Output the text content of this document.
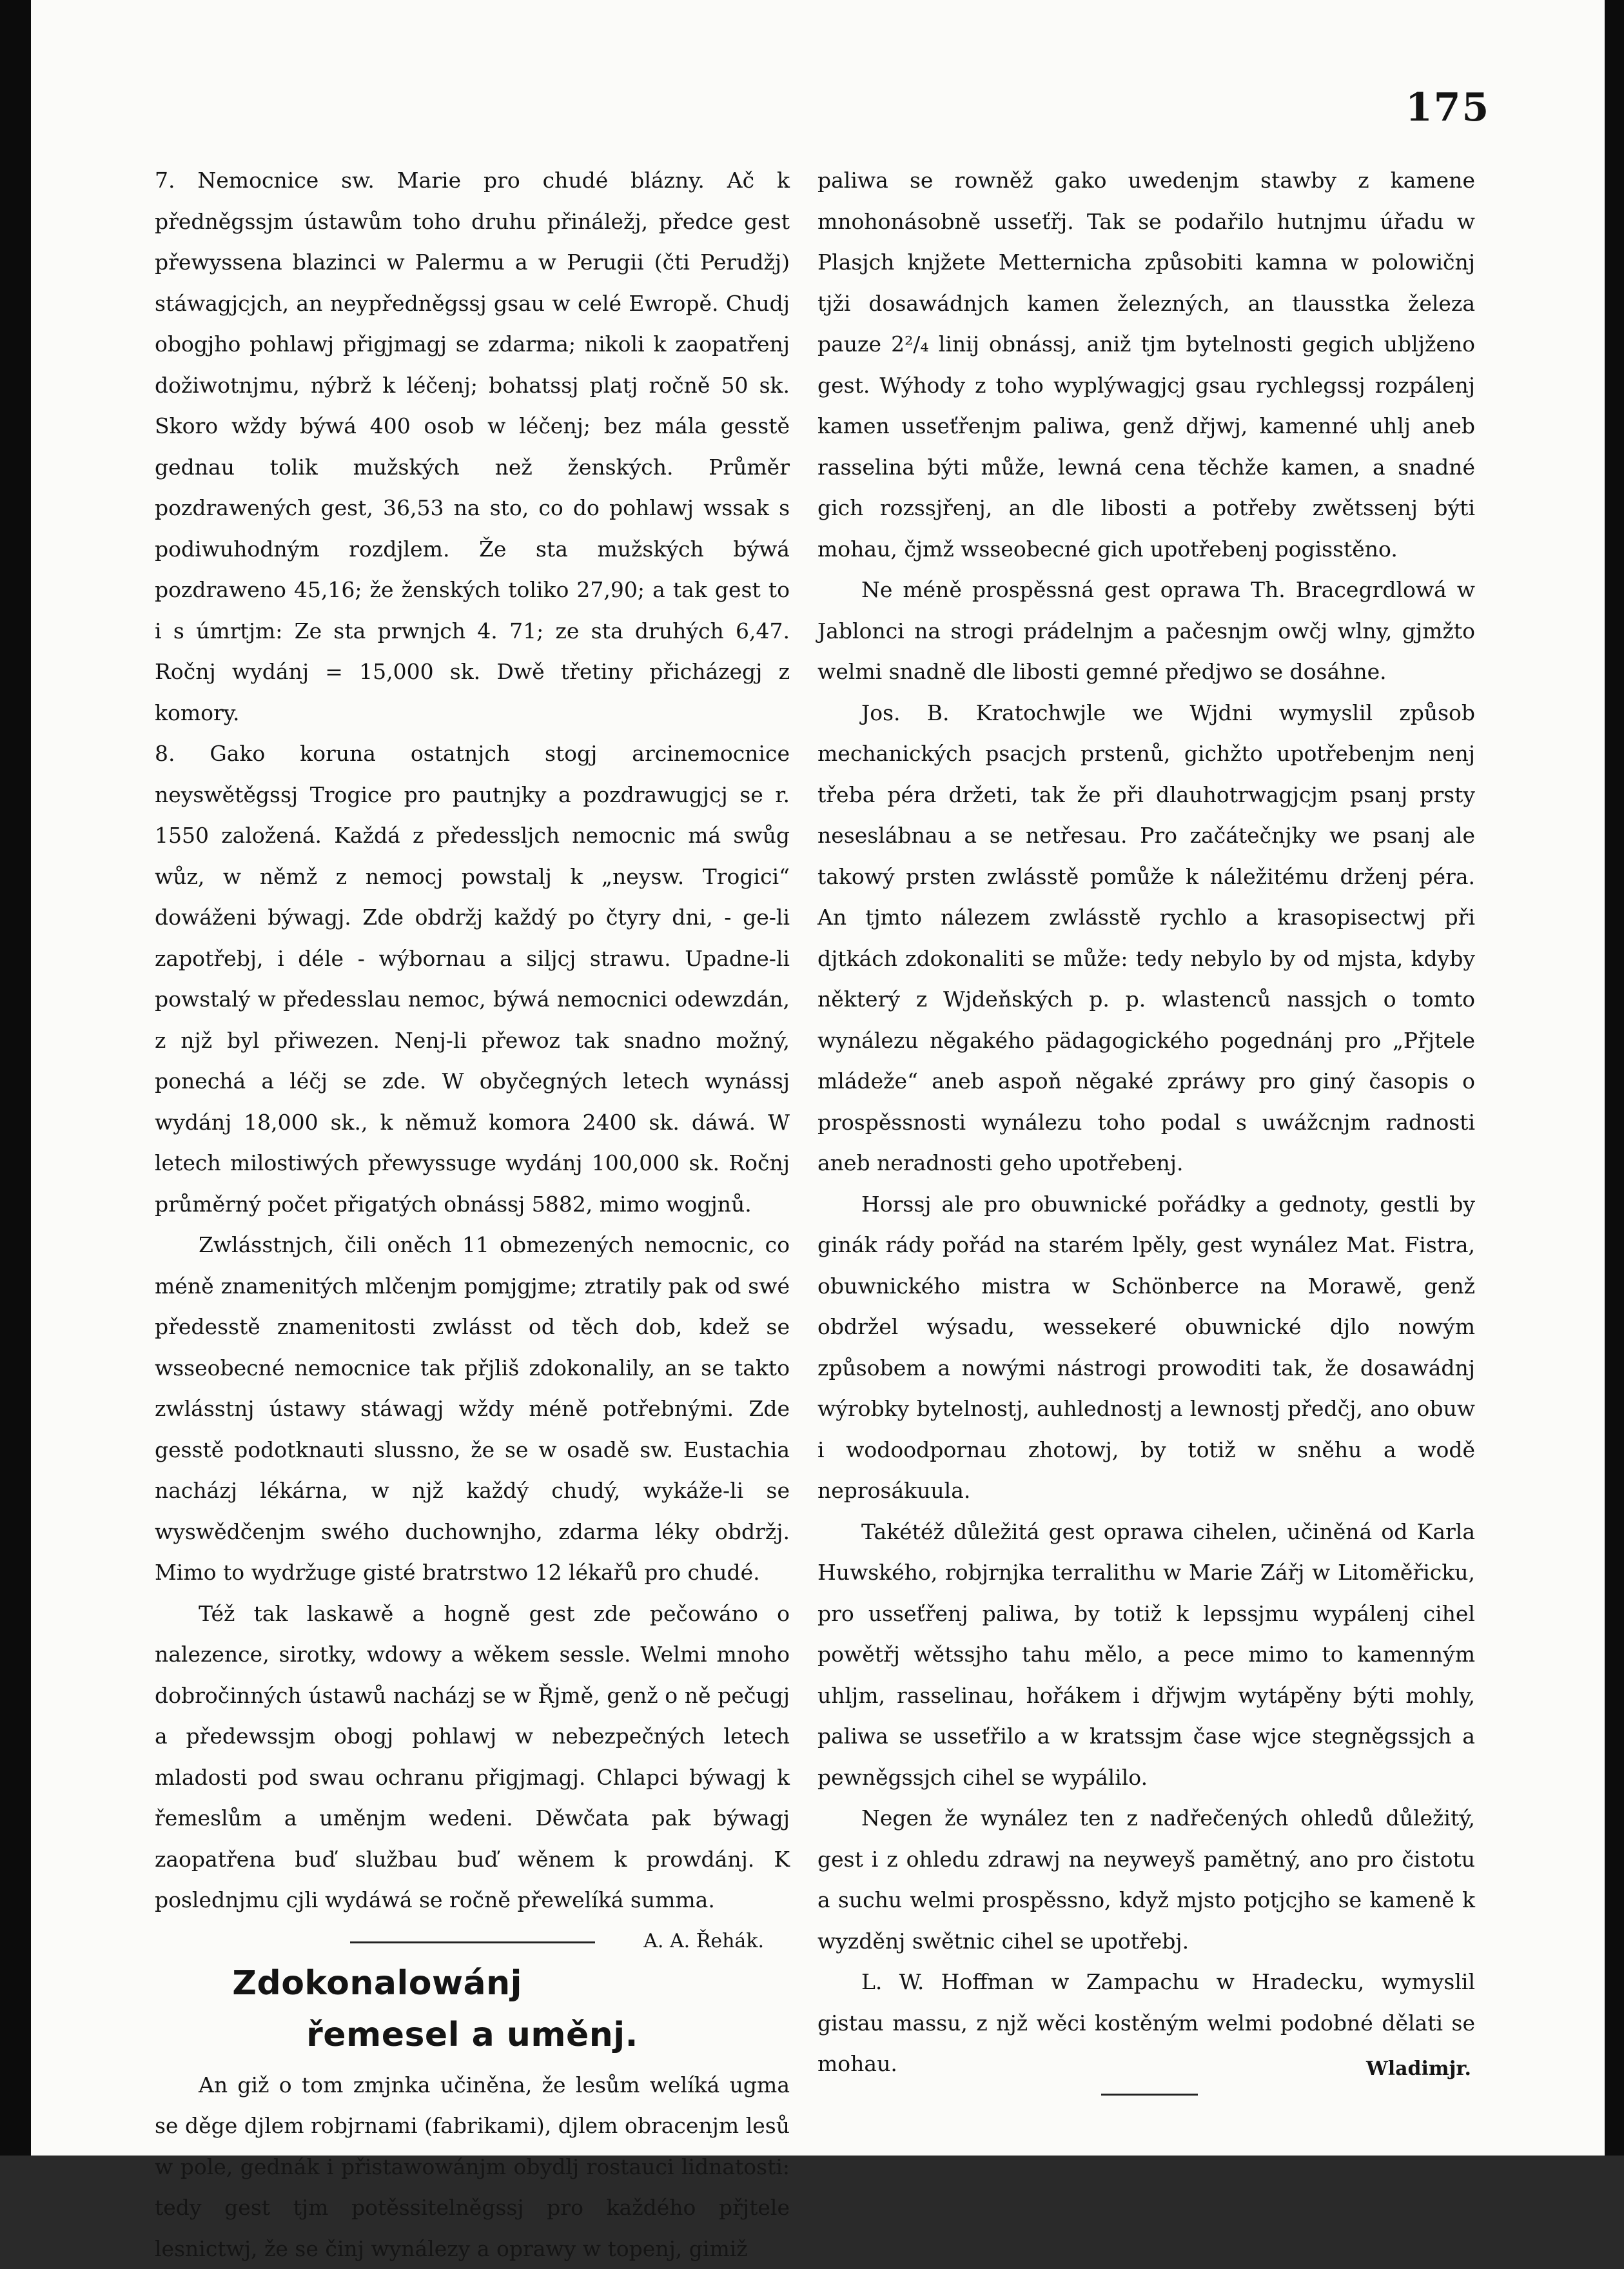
175

7. Nemocnice sw. Marie pro chudé blázny. Ač k předněgssjm ústawům toho druhu přináležj, předce gest přewyssena blazinci w Palermu a w Perugii (čti Perudžj) stáwagjcjch, an neypředněgssj gsau w celé Ewropě. Chudj obogjho pohlawj přigjmagj se zdarma; nikoli k zaopatřenj dožiwotnjmu, nýbrž k léčenj; bohatssj platj ročně 50 sk. Skoro wždy býwá 400 osob w léčenj; bez mála gesstě gednau tolik mužských než ženských. Průměr pozdrawených gest, 36,53 na sto, co do pohlawj wssak s podiwuhodným rozdjlem. Že sta mužských býwá pozdraweno 45,16; že ženských toliko 27,90; a tak gest to i s úmrtjm: Ze sta prwnjch 4. 71; ze sta druhých 6,47. Ročnj wydánj = 15,000 sk. Dwě třetiny přicházegj z komory.

8. Gako koruna ostatnjch stogj arcinemocnice neyswětěgssj Trogice pro pautnjky a pozdrawugjcj se r. 1550 založená. Každá z předessljch nemocnic má swůg wůz, w němž z nemocj powstalj k „neysw. Trogici“ dowáženi býwagj. Zde obdržj každý po čtyry dni, - ge-li zapotřebj, i déle - wýbornau a siljcj strawu. Upadne-li powstalý w předesslau nemoc, býwá nemocnici odewzdán, z njž byl přiwezen. Nenj-li přewoz tak snadno možný, ponechá a léčj se zde. W obyčegných letech wynássj wydánj 18,000 sk., k němuž komora 2400 sk. dáwá. W letech milostiwých přewyssuge wydánj 100,000 sk. Ročnj průměrný počet přigatých obnássj 5882, mimo wogjnů.

Zwlásstnjch, čili oněch 11 obmezených nemocnic, co méně znamenitých mlčenjm pomjgjme; ztratily pak od swé předesstě znamenitosti zwlásst od těch dob, kdež se wsseobecné nemocnice tak přjliš zdokonalily, an se takto zwlásstnj ústawy stáwagj wždy méně potřebnými. Zde gesstě podotknauti slussno, že se w osadě sw. Eustachia nacházj lékárna, w njž každý chudý, wykáže-li se wyswědčenjm swého duchownjho, zdarma léky obdržj. Mimo to wydržuge gisté bratrstwo 12 lékařů pro chudé.

Též tak laskawě a hogně gest zde pečowáno o nalezence, sirotky, wdowy a wěkem sessle. Welmi mnoho dobročinných ústawů nacházj se w Řjmě, genž o ně pečugj a předewssjm obogj pohlawj w nebezpečných letech mladosti pod swau ochranu přigjmagj. Chlapci býwagj k řemeslům a uměnjm wedeni. Děwčata pak býwagj zaopatřena buď službau buď wěnem k prowdánj. K poslednjmu cjli wydáwá se ročně přewelíká summa.
A. A. Řehák.

Zdokonalowánj řemesel a uměnj.

An giž o tom zmjnka učiněna, že lesům welíká ugma se děge djlem robjrnami (fabrikami), djlem obracenjm lesů w pole, gednák i přistawowánjm obydlj rostauci lidnatosti: tedy gest tjm potěssitelněgssj pro každého přjtele lesnictwj, že se činj wynálezy a oprawy w topenj, gimiž

paliwa se rowněž gako uwedenjm stawby z kamene mnohonásobně usseťřj. Tak se podařilo hutnjmu úřadu w Plasjch knjžete Metternicha způsobiti kamna w polowičnj tjži dosawádnjch kamen železných, an tlausstka železa pauze 2²/₄ linij obnássj, aniž tjm bytelnosti gegich ubljženo gest. Wýhody z toho wyplýwagjcj gsau rychlegssj rozpálenj kamen usseťřenjm paliwa, genž dřjwj, kamenné uhlj aneb rasselina býti může, lewná cena těchže kamen, a snadné gich rozssjřenj, an dle libosti a potřeby zwětssenj býti mohau, čjmž wsseobecné gich upotřebenj pogisstěno.

Ne méně prospěssná gest oprawa Th. Bracegrdlowá w Jablonci na strogi prádelnjm a pačesnjm owčj wlny, gjmžto welmi snadně dle libosti gemné předjwo se dosáhne.

Jos. B. Kratochwjle we Wjdni wymyslil způsob mechanických psacjch prstenů, gichžto upotřebenjm nenj třeba péra držeti, tak že při dlauhotrwagjcjm psanj prsty neseslábnau a se netřesau. Pro začátečnjky we psanj ale takowý prsten zwlásstě pomůže k náležitému drženj péra. An tjmto nálezem zwlásstě rychlo a krasopisectwj při djtkách zdokonaliti se může: tedy nebylo by od mjsta, kdyby některý z Wjdeňských p. p. wlastenců nassjch o tomto wynálezu něgakého pädagogického pogednánj pro „Přjtele mládeže“ aneb aspoň něgaké zpráwy pro giný časopis o prospěssnosti wynálezu toho podal s uwážcnjm radnosti aneb neradnosti geho upotřebenj.

Horssj ale pro obuwnické pořádky a gednoty, gestli by ginák rády pořád na starém lpěly, gest wynález Mat. Fistra, obuwnického mistra w Schönberce na Morawě, genž obdržel wýsadu, wessekeré obuwnické djlo nowým způsobem a nowými nástrogi prowoditi tak, že dosawádnj wýrobky bytelnostj, auhlednostj a lewnostj předčj, ano obuw i wodoodpornau zhotowj, by totiž w sněhu a wodě neprosákuula.

Takétéž důležitá gest oprawa cihelen, učiněná od Karla Huwského, robjrnjka terralithu w Marie Zářj w Litoměřicku, pro usseťřenj paliwa, by totiž k lepssjmu wypálenj cihel powětřj wětssjho tahu mělo, a pece mimo to kamenným uhljm, rasselinau, hořákem i dřjwjm wytápěny býti mohly, paliwa se usseťřilo a w kratssjm čase wjce stegněgssjch a pewněgssjch cihel se wypálilo.

Negen že wynález ten z nadřečených ohledů důležitý, gest i z ohledu zdrawj na neyweyš pamětný, ano pro čistotu a suchu welmi prospěssno, když mjsto potjcjho se kameně k wyzděnj swětnic cihel se upotřebj.

L. W. Hoffman w Zampachu w Hradecku, wymyslil gistau massu, z njž wěci kostěným welmi podobné dělati se mohau.	Wladimjr.
